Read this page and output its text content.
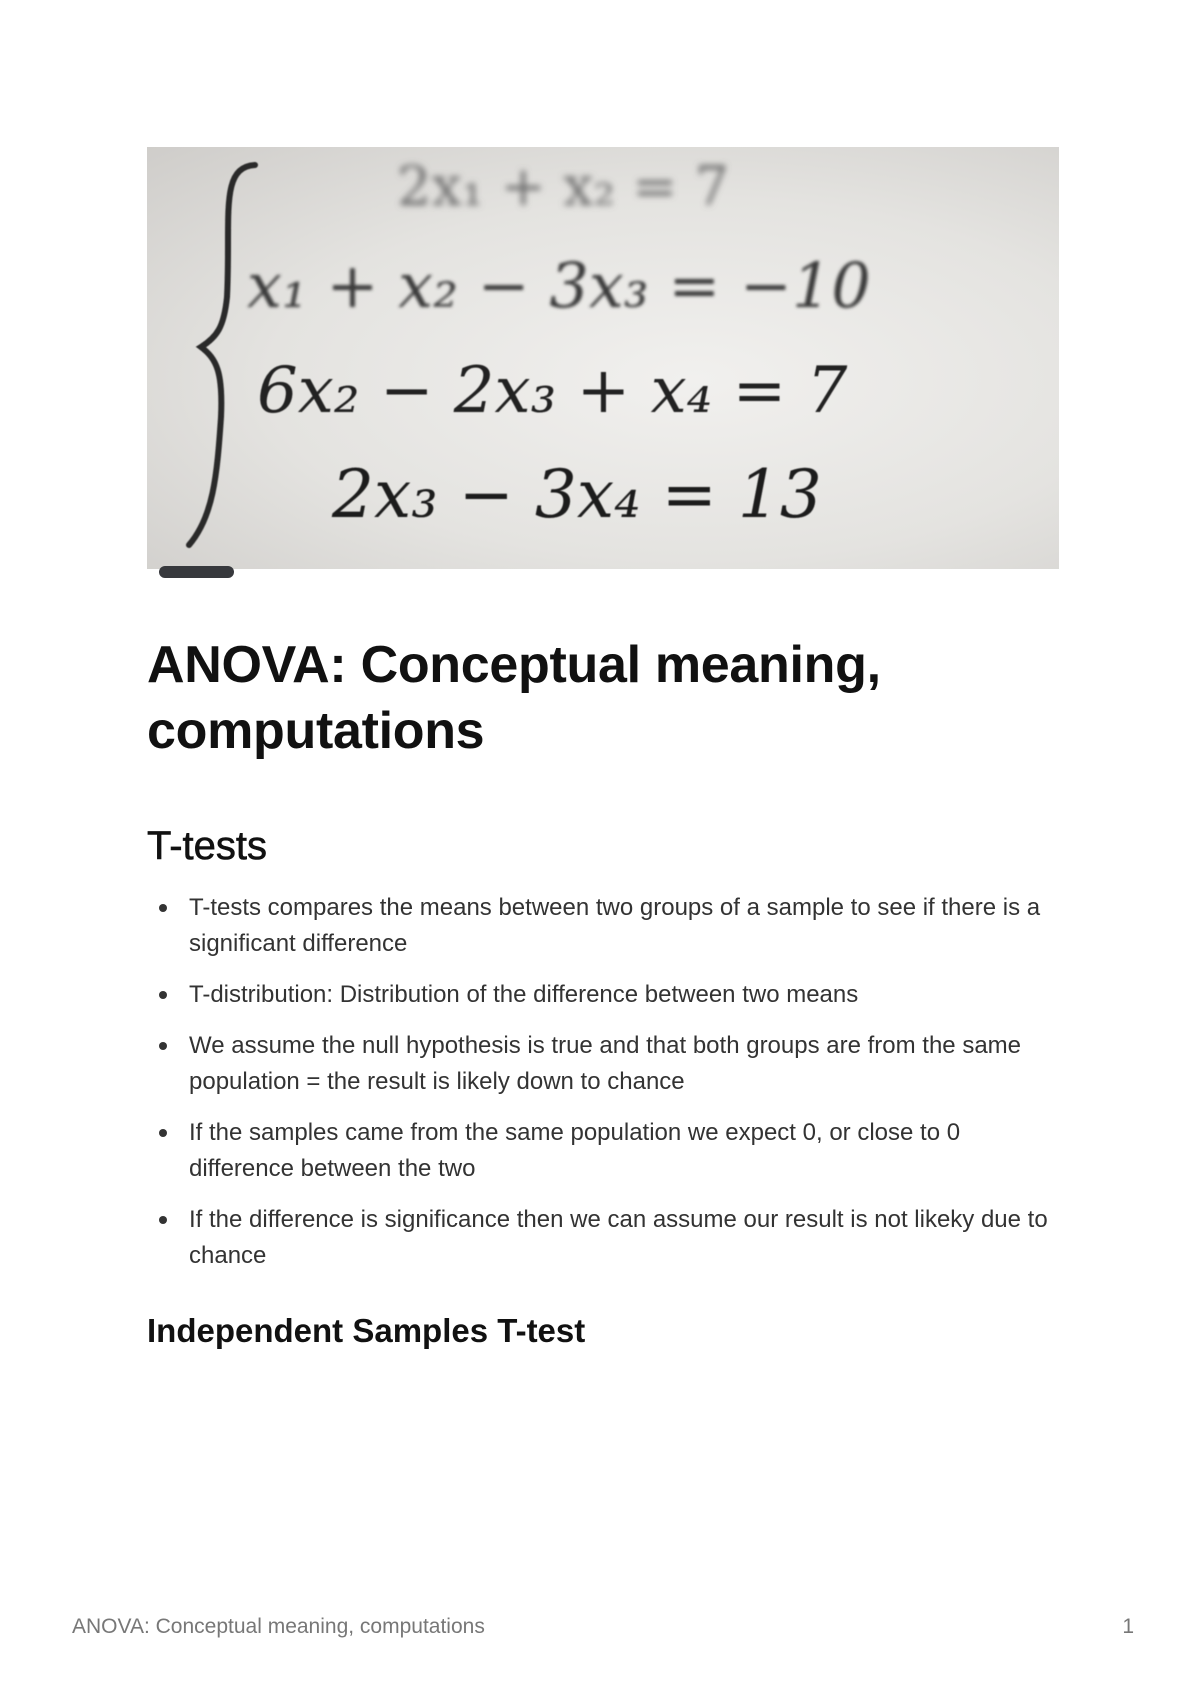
2x₁ + x₂ = 7
x₁ + x₂ − 3x₃ = −10
6x₂ − 2x₃ + x₄ = 7
2x₃ − 3x₄ = 13
ANOVA: Conceptual meaning, computations
T-tests
T-tests compares the means between two groups of a sample to see if there is a significant difference
T-distribution: Distribution of the difference between two means
We assume the null hypothesis is true and that both groups are from the same population = the result is likely down to chance
If the samples came from the same population we expect 0, or close to 0 difference between the two
If the difference is significance then we can assume our result is not likeky due to chance
Independent Samples T-test
ANOVA: Conceptual meaning, computations	1
